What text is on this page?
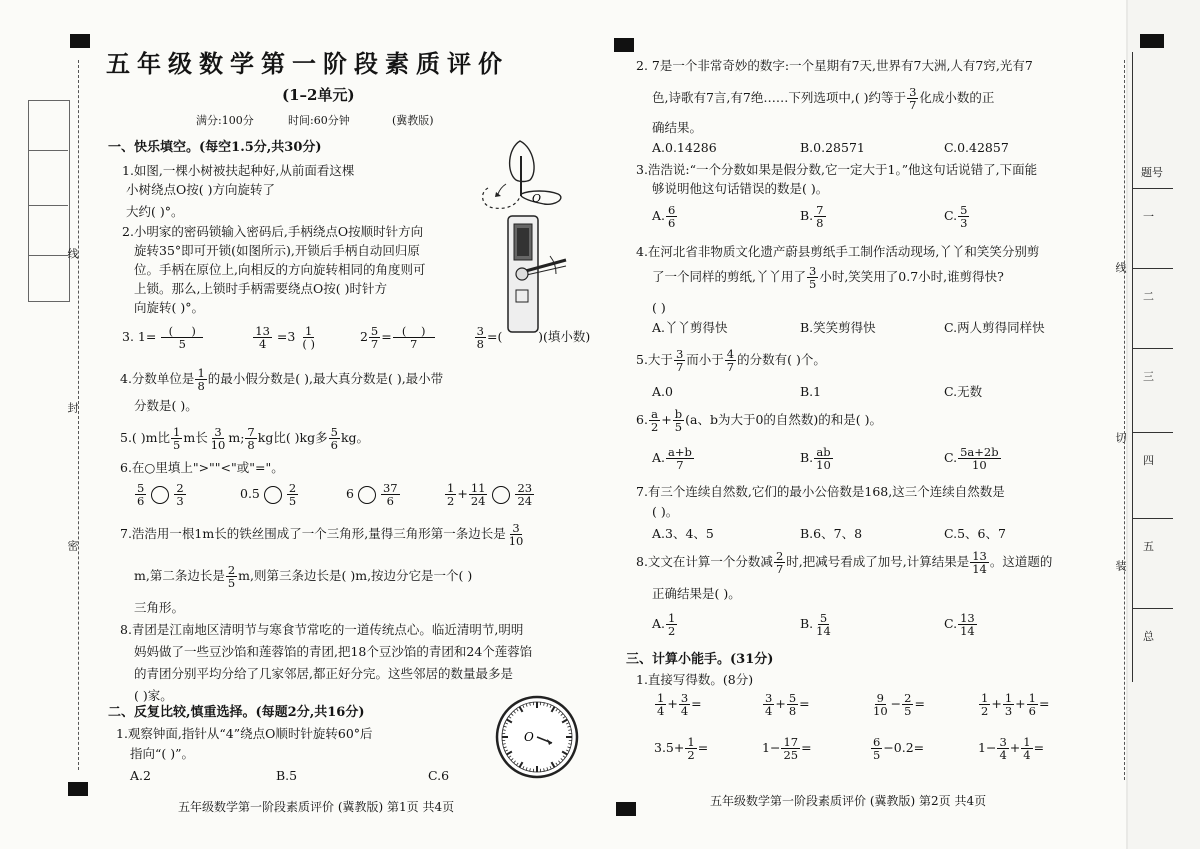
线
封
密
五年级数学第一阶段素质评价
(1–2单元)
满分:100分	时间:60分钟	(冀教版)
一、快乐填空。(每空1.5分,共30分)
1.如图,一棵小树被扶起种好,从前面看这棵
小树绕点O按( )方向旋转了
大约( )°。
2.小明家的密码锁输入密码后,手柄绕点O按顺时针方向
旋转35°即可开锁(如图所示),开锁后手柄自动回归原
位。手柄在原位上,向相反的方向旋转相同的角度则可
上锁。那么,上锁时手柄需要绕点O按( )时针方
向旋转( )°。
O
3. $1= \frac{( )}{5}$
	$\frac{13}{4} =3 \frac{1}{( )}$	$2 \frac{5}{7} = \frac{( )}{7}$
	$\frac{3}{8}$ =(         )(填小数)
4.分数单位是 $\frac{1}{8}$ 的最小假分数是( ),最大真分数是( ),最小带
分数是( )。
5.( )m比 $\frac{1}{5}$ m长 $\frac{3}{10} m$; $\frac{7}{8}$ kg比( )kg多 $\frac{5}{6}$ kg。
6.在○里填上">""<"或"="。
$\frac{5}{6} \frac{2}{3}$	$0.5 \frac{2}{5}$	$6 \frac{37}{6}$	$\frac{1}{2} + \frac{11}{24} \frac{23}{24}$
7.浩浩用一根1m长的铁丝围成了一个三角形,量得三角形第一条边长是 $\frac{3}{10}$
m,第二条边长是 $\frac{2}{5} m$,则第三条边长是( )m,按边分它是一个( )
三角形。
8.青团是江南地区清明节与寒食节常吃的一道传统点心。临近清明节,明明
妈妈做了一些豆沙馅和莲蓉馅的青团,把18个豆沙馅的青团和24个莲蓉馅
的青团分别平均分给了几家邻居,都正好分完。这些邻居的数量最多是
( )家。
二、反复比较,慎重选择。(每题2分,共16分)
1.观察钟面,指针从“4”绕点O顺时针旋转60°后
指向“( )”。
A.2	B.5	C.6
O
五年级数学第一阶段素质评价 (冀教版) 第1页 共4页
2. 7是一个非常奇妙的数字:一个星期有7天,世界有7大洲,人有7窍,光有7
色,诗歌有7言,有7绝……下列选项中,( )约等于 $\frac{3}{7}$ 化成小数的正
确结果。
A.0.14286	B.0.28571	C.0.42857
3.浩浩说:“一个分数如果是假分数,它一定大于1。”他这句话说错了,下面能
够说明他这句话错误的数是( )。
A. $\frac{6}{6}$	B. $\frac{7}{8}$	C. $\frac{5}{3}$
4.在河北省非物质文化遗产蔚县剪纸手工制作活动现场,丫丫和笑笑分别剪
了一个同样的剪纸,丫丫用了 $\frac{3}{5}$ 小时,笑笑用了0.7小时,谁剪得快?
( )
A.丫丫剪得快	B.笑笑剪得快	C.两人剪得同样快
5.大于 $\frac{3}{7}$ 而小于 $\frac{4}{7}$ 的分数有( )个。
A.0	B.1	C.无数
6. $\frac{a}{2} + \frac{b}{5} (a$、b为大于0的自然数)的和是( )。
A. $\frac{a+b}{7}$	B. $\frac{ab}{10}$	C. $\frac{5a+2b}{10}$
7.有三个连续自然数,它们的最小公倍数是168,这三个连续自然数是
( )。
A.3、4、5	B.6、7、8	C.5、6、7
8.文文在计算一个分数减 $\frac{2}{7}$ 时,把减号看成了加号,计算结果是 $\frac{13}{14}$ 。这道题的
正确结果是( )。
A. $\frac{1}{2}$	B. $\frac{5}{14}$	C. $\frac{13}{14}$
三、计算小能手。(31分)
1.直接写得数。(8分)
$\frac{1}{4} + \frac{3}{4}$ =	$\frac{3}{4} + \frac{5}{8}$ =	$\frac{9}{10} - \frac{2}{5}$ =	$\frac{1}{2} + \frac{1}{3} + \frac{1}{6}$ =
$3.5+ \frac{1}{2}$ =	$1- \frac{17}{25}$ =	$\frac{6}{5} -0.2=$	$1- \frac{3}{4} + \frac{1}{4}$ =
五年级数学第一阶段素质评价 (冀教版) 第2页 共4页
线
切
装
题号
一
二
三
四
五
总
